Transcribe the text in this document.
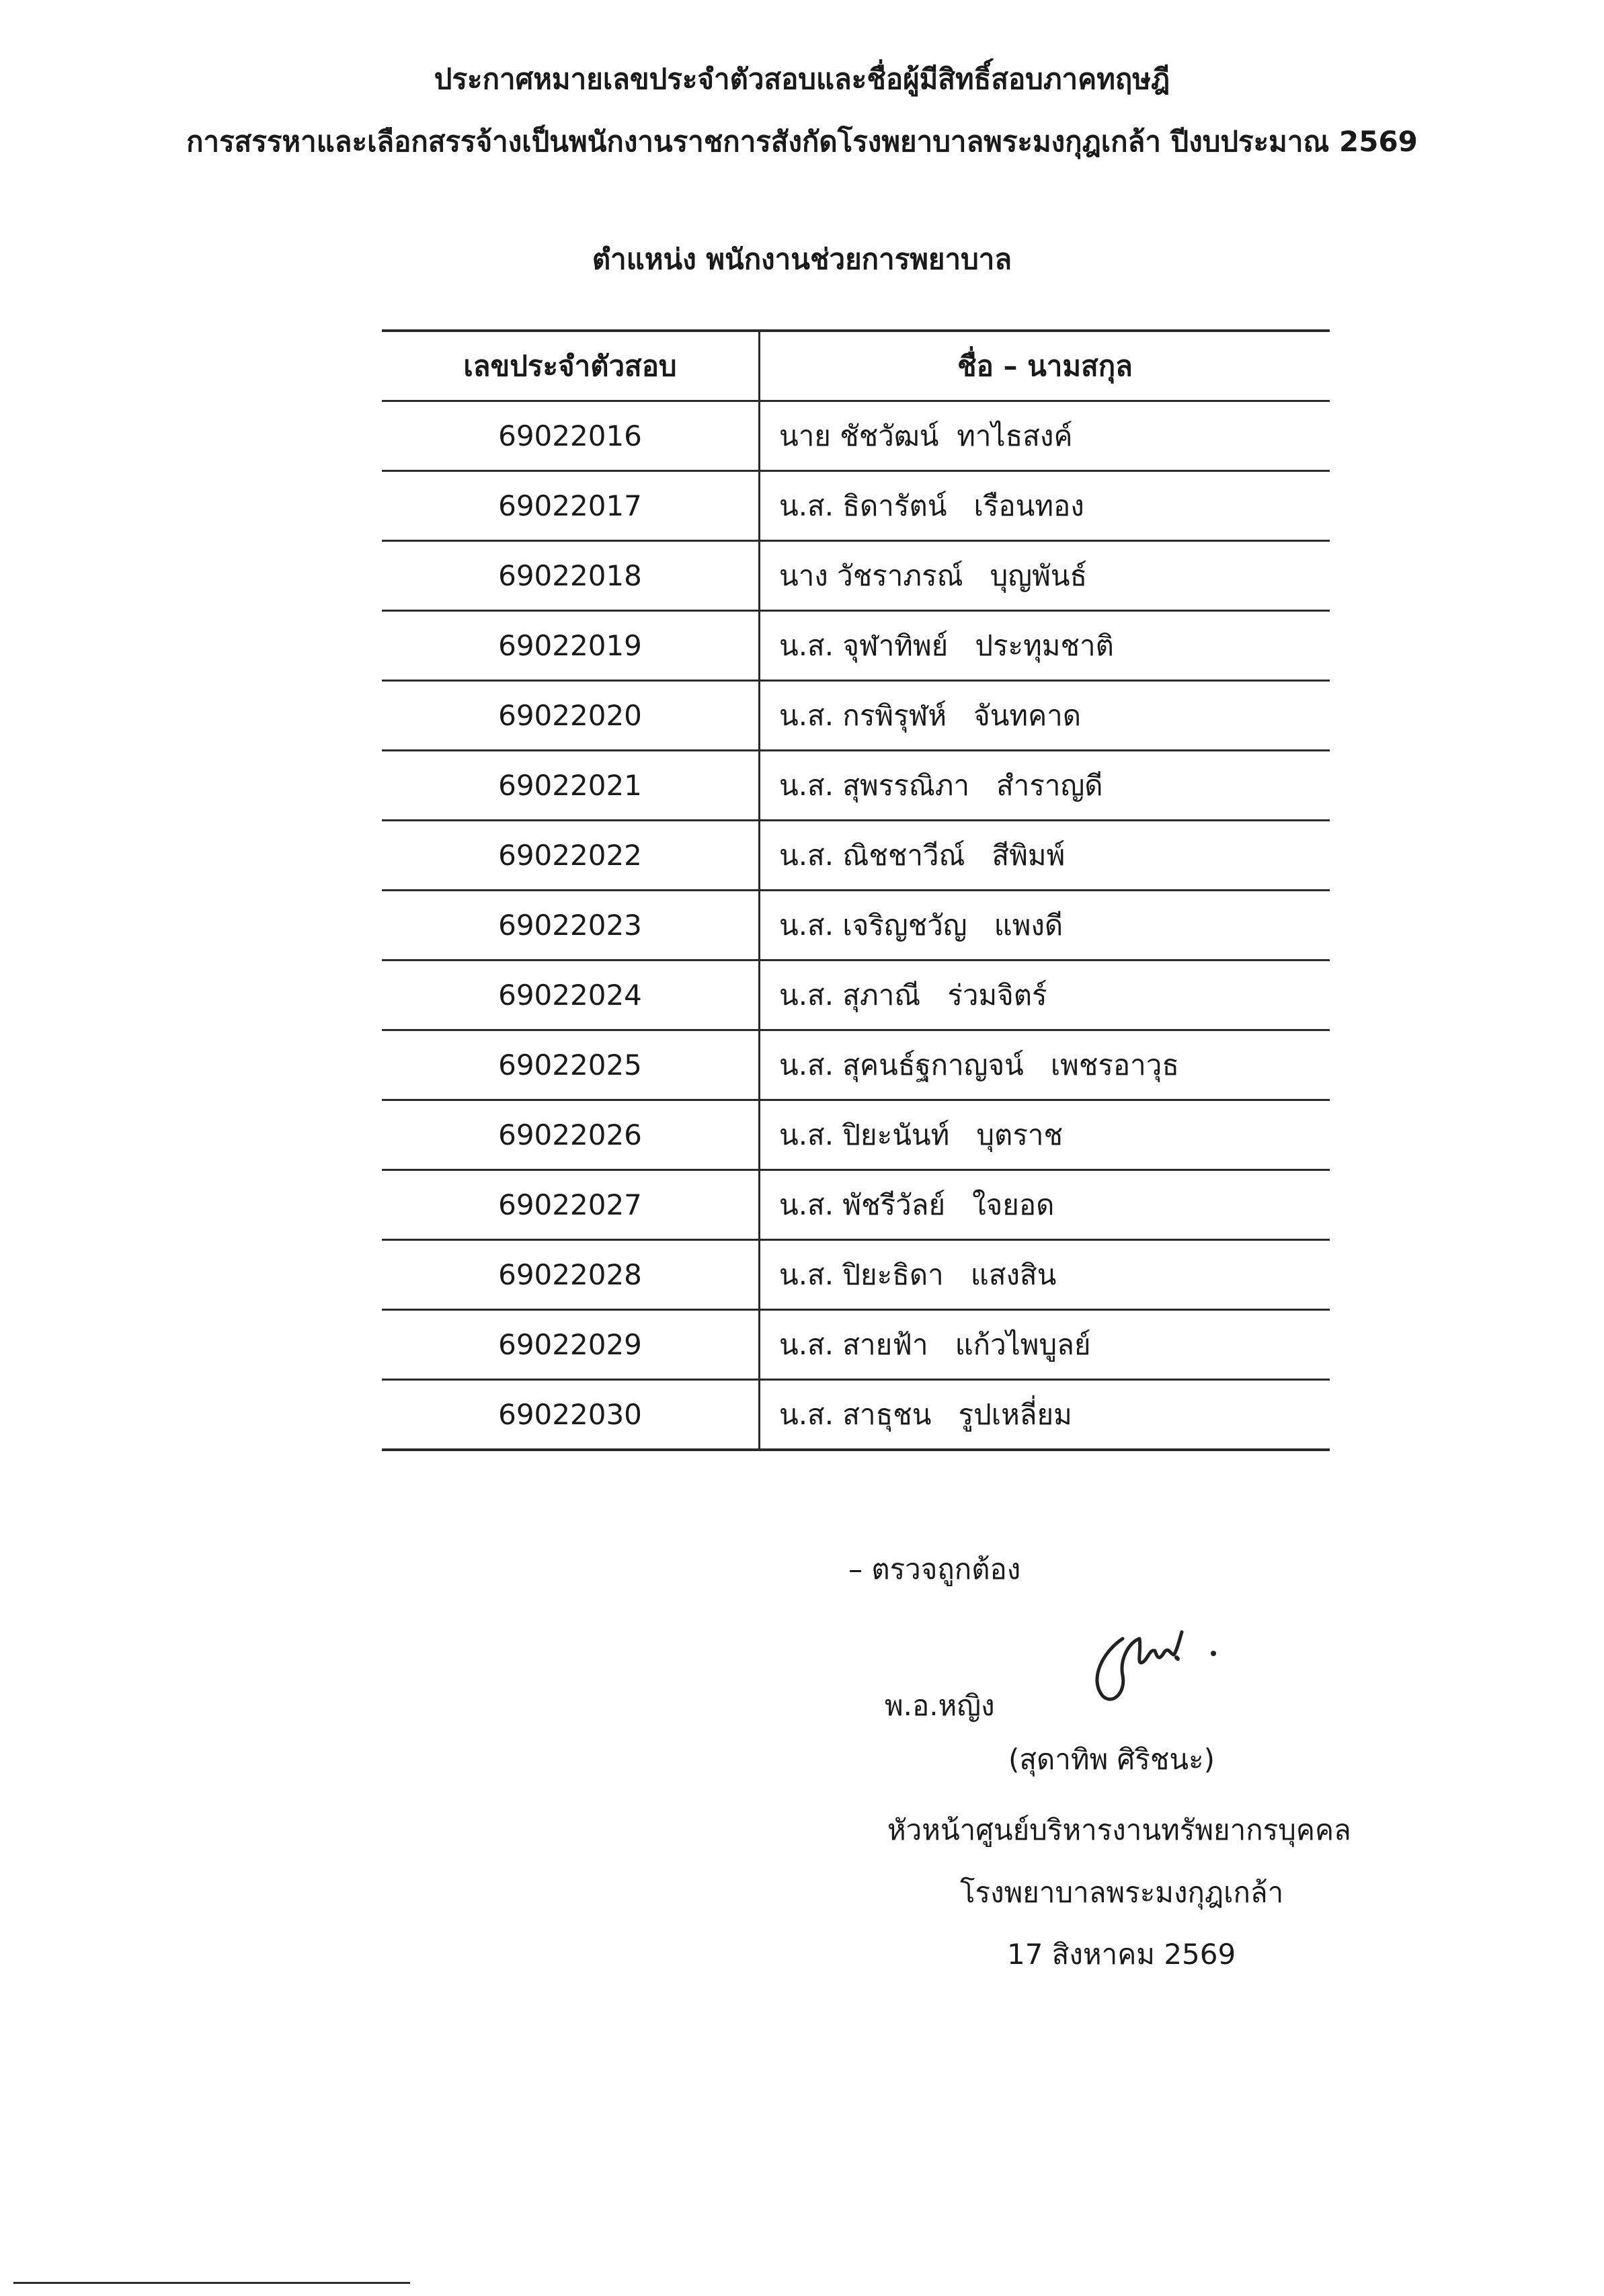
ประกาศหมายเลขประจำตัวสอบและชื่อผู้มีสิทธิ์สอบภาคทฤษฎี
การสรรหาและเลือกสรรจ้างเป็นพนักงานราชการสังกัดโรงพยาบาลพระมงกุฎเกล้า ปีงบประมาณ 2569
ตำแหน่ง พนักงานช่วยการพยาบาล
เลขประจำตัวสอบ	ชื่อ – นามสกุล
69022016	นาย ชัชวัฒน์  ทาไธสงค์
69022017	น.ส. ธิดารัตน์   เรือนทอง
69022018	นาง วัชราภรณ์   บุญพันธ์
69022019	น.ส. จุฬาทิพย์   ประทุมชาติ
69022020	น.ส. กรพิรุฬห์   จันทคาด
69022021	น.ส. สุพรรณิภา   สำราญดี
69022022	น.ส. ณิชชาวีณ์   สีพิมพ์
69022023	น.ส. เจริญชวัญ   แพงดี
69022024	น.ส. สุภาณี   ร่วมจิตร์
69022025	น.ส. สุคนธ์ฐกาญจน์   เพชรอาวุธ
69022026	น.ส. ปิยะนันท์   บุตราช
69022027	น.ส. พัชรีวัลย์   ใจยอด
69022028	น.ส. ปิยะธิดา   แสงสิน
69022029	น.ส. สายฟ้า   แก้วไพบูลย์
69022030	น.ส. สาธุชน   รูปเหลี่ยม
– ตรวจถูกต้อง
พ.อ.หญิง
(สุดาทิพ ศิริชนะ)
หัวหน้าศูนย์บริหารงานทรัพยากรบุคคล
โรงพยาบาลพระมงกุฎเกล้า
17 สิงหาคม 2569
